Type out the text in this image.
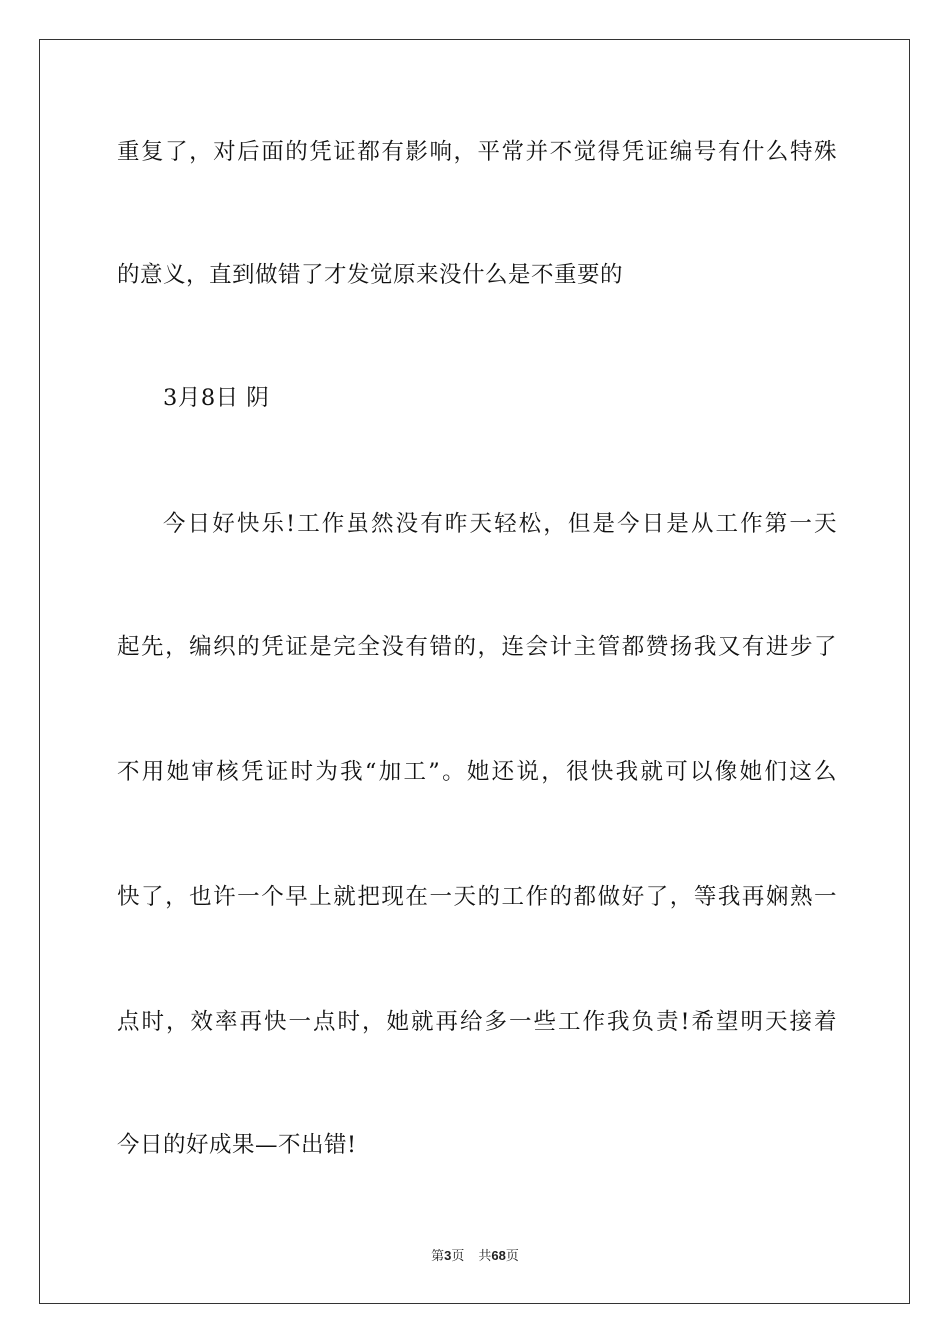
重复了，对后面的凭证都有影响，平常并不觉得凭证编号有什么特殊
的意义，直到做错了才发觉原来没什么是不重要的
3月8日 阴
今日好快乐!工作虽然没有昨天轻松，但是今日是从工作第一天
起先，编织的凭证是完全没有错的，连会计主管都赞扬我又有进步了
不用她审核凭证时为我“加工”。她还说，很快我就可以像她们这么
快了，也许一个早上就把现在一天的工作的都做好了，等我再娴熟一
点时，效率再快一点时，她就再给多一些工作我负责!希望明天接着
今日的好成果—不出错!
第3页 共68页
